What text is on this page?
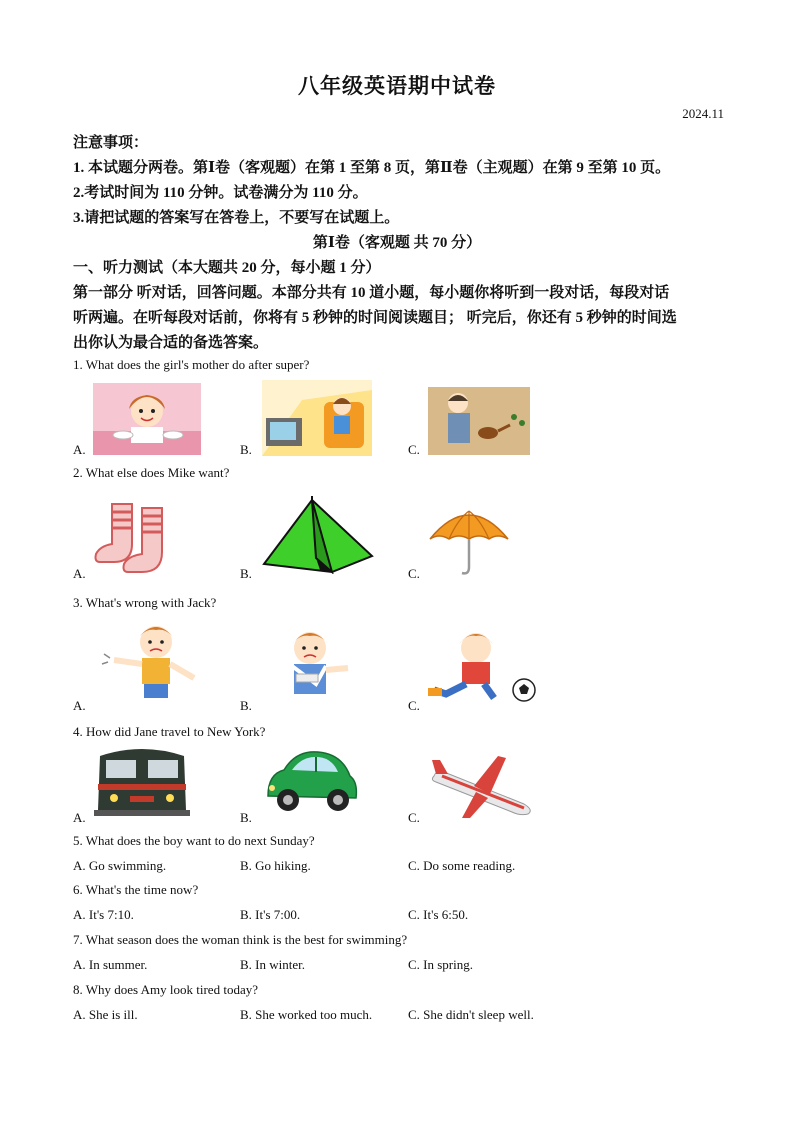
八年级英语期中试卷
2024.11
注意事项：
1. 本试题分两卷。第Ⅰ卷（客观题）在第 1 至第 8 页，第Ⅱ卷（主观题）在第 9 至第 10 页。
2.考试时间为 110 分钟。试卷满分为 110 分。
3.请把试题的答案写在答卷上，不要写在试题上。
第Ⅰ卷（客观题 共 70 分）
一、听力测试（本大题共 20 分，每小题 1 分）
第一部分 听对话，回答问题。本部分共有 10 道小题，每小题你将听到一段对话，每段对话
听两遍。在听每段对话前，你将有 5 秒钟的时间阅读题目； 听完后，你还有 5 秒钟的时间选
出你认为最合适的备选答案。
1. What does the girl's mother do after super?
A.	B.	C.
2. What else does Mike want?
A.	B.	C.
3. What's wrong with Jack?
A.	B.	C.
4. How did Jane travel to New York?
A.	B.	C.
5. What does the boy want to do next Sunday?
A. Go swimming.	B. Go hiking.	C. Do some reading.
6. What's the time now?
A. It's 7:10.	B. It's 7:00.	C. It's 6:50.
7. What season does the woman think is the best for swimming?
A. In summer.	B. In winter.	C. In spring.
8. Why does Amy look tired today?
A. She is ill.	B. She worked too much.	C. She didn't sleep well.
